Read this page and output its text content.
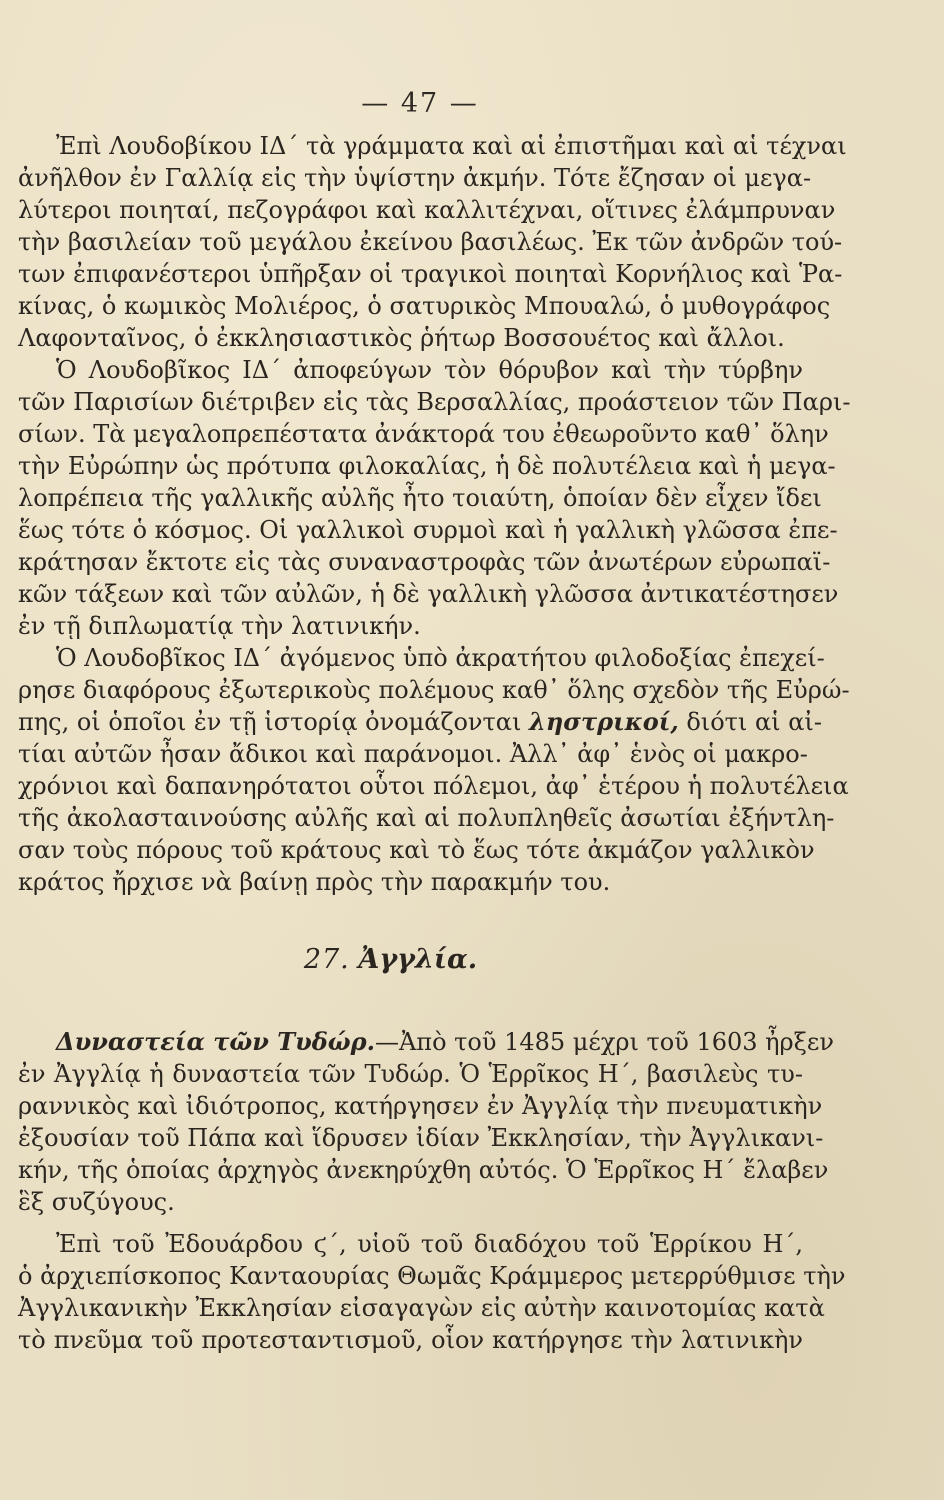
— 47 —
Ἐπὶ Λουδοβίκου ΙΔ΄ τὰ γράμματα καὶ αἱ ἐπιστῆμαι καὶ αἱ τέχναι
ἀνῆλθον ἐν Γαλλίᾳ εἰς τὴν ὑψίστην ἀκμήν. Τότε ἔζησαν οἱ μεγα-
λύτεροι ποιηταί, πεζογράφοι καὶ καλλιτέχναι, οἵτινες ἐλάμπρυναν
τὴν βασιλείαν τοῦ μεγάλου ἐκείνου βασιλέως. Ἐκ τῶν ἀνδρῶν τού-
των ἐπιφανέστεροι ὑπῆρξαν οἱ τραγικοὶ ποιηταὶ Κορνήλιος καὶ Ῥα-
κίνας, ὁ κωμικὸς Μολιέρος, ὁ σατυρικὸς Μπουαλώ, ὁ μυθογράφος
Λαφονταῖνος, ὁ ἐκκλησιαστικὸς ῥήτωρ Βοσσουέτος καὶ ἄλλοι.
Ὁ Λουδοβῖκος ΙΔ΄ ἀποφεύγων τὸν θόρυβον καὶ τὴν τύρβην
τῶν Παρισίων διέτριβεν εἰς τὰς Βερσαλλίας, προάστειον τῶν Παρι-
σίων. Τὰ μεγαλοπρεπέστατα ἀνάκτορά του ἐθεωροῦντο καθ᾽ ὅλην
τὴν Εὐρώπην ὡς πρότυπα φιλοκαλίας, ἡ δὲ πολυτέλεια καὶ ἡ μεγα-
λοπρέπεια τῆς γαλλικῆς αὐλῆς ἦτο τοιαύτη, ὁποίαν δὲν εἶχεν ἴδει
ἕως τότε ὁ κόσμος. Οἱ γαλλικοὶ συρμοὶ καὶ ἡ γαλλικὴ γλῶσσα ἐπε-
κράτησαν ἔκτοτε εἰς τὰς συναναστροφὰς τῶν ἀνωτέρων εὐρωπαϊ-
κῶν τάξεων καὶ τῶν αὐλῶν, ἡ δὲ γαλλικὴ γλῶσσα ἀντικατέστησεν
ἐν τῇ διπλωματίᾳ τὴν λατινικήν.
Ὁ Λουδοβῖκος ΙΔ΄ ἀγόμενος ὑπὸ ἀκρατήτου φιλοδοξίας ἐπεχεί-
ρησε διαφόρους ἐξωτερικοὺς πολέμους καθ᾽ ὅλης σχεδὸν τῆς Εὐρώ-
πης, οἱ ὁποῖοι ἐν τῇ ἱστορίᾳ ὀνομάζονται ληστρικοί, διότι αἱ αἰ-
τίαι αὐτῶν ἦσαν ἄδικοι καὶ παράνομοι. Ἀλλ᾽ ἀφ᾽ ἑνὸς οἱ μακρο-
χρόνιοι καὶ δαπανηρότατοι οὗτοι πόλεμοι, ἀφ᾽ ἑτέρου ἡ πολυτέλεια
τῆς ἀκολασταινούσης αὐλῆς καὶ αἱ πολυπληθεῖς ἀσωτίαι ἐξήντλη-
σαν τοὺς πόρους τοῦ κράτους καὶ τὸ ἕως τότε ἀκμάζον γαλλικὸν
κράτος ἤρχισε νὰ βαίνῃ πρὸς τὴν παρακμήν του.
27. Ἀγγλία.
Δυναστεία τῶν Τυδώρ.—Ἀπὸ τοῦ 1485 μέχρι τοῦ 1603 ἦρξεν
ἐν Ἀγγλίᾳ ἡ δυναστεία τῶν Τυδώρ. Ὁ Ἑρρῖκος Η΄, βασιλεὺς τυ-
ραννικὸς καὶ ἰδιότροπος, κατήργησεν ἐν Ἀγγλίᾳ τὴν πνευματικὴν
ἐξουσίαν τοῦ Πάπα καὶ ἵδρυσεν ἰδίαν Ἐκκλησίαν, τὴν Ἀγγλικανι-
κήν, τῆς ὁποίας ἀρχηγὸς ἀνεκηρύχθη αὐτός. Ὁ Ἑρρῖκος Η΄ ἔλαβεν
ἓξ συζύγους.
Ἐπὶ τοῦ Ἐδουάρδου ϛ΄, υἱοῦ τοῦ διαδόχου τοῦ Ἑρρίκου Η΄,
ὁ ἀρχιεπίσκοπος Κανταουρίας Θωμᾶς Κράμμερος μετερρύθμισε τὴν
Ἀγγλικανικὴν Ἐκκλησίαν εἰσαγαγὼν εἰς αὐτὴν καινοτομίας κατὰ
τὸ πνεῦμα τοῦ προτεσταντισμοῦ, οἷον κατήργησε τὴν λατινικὴν
